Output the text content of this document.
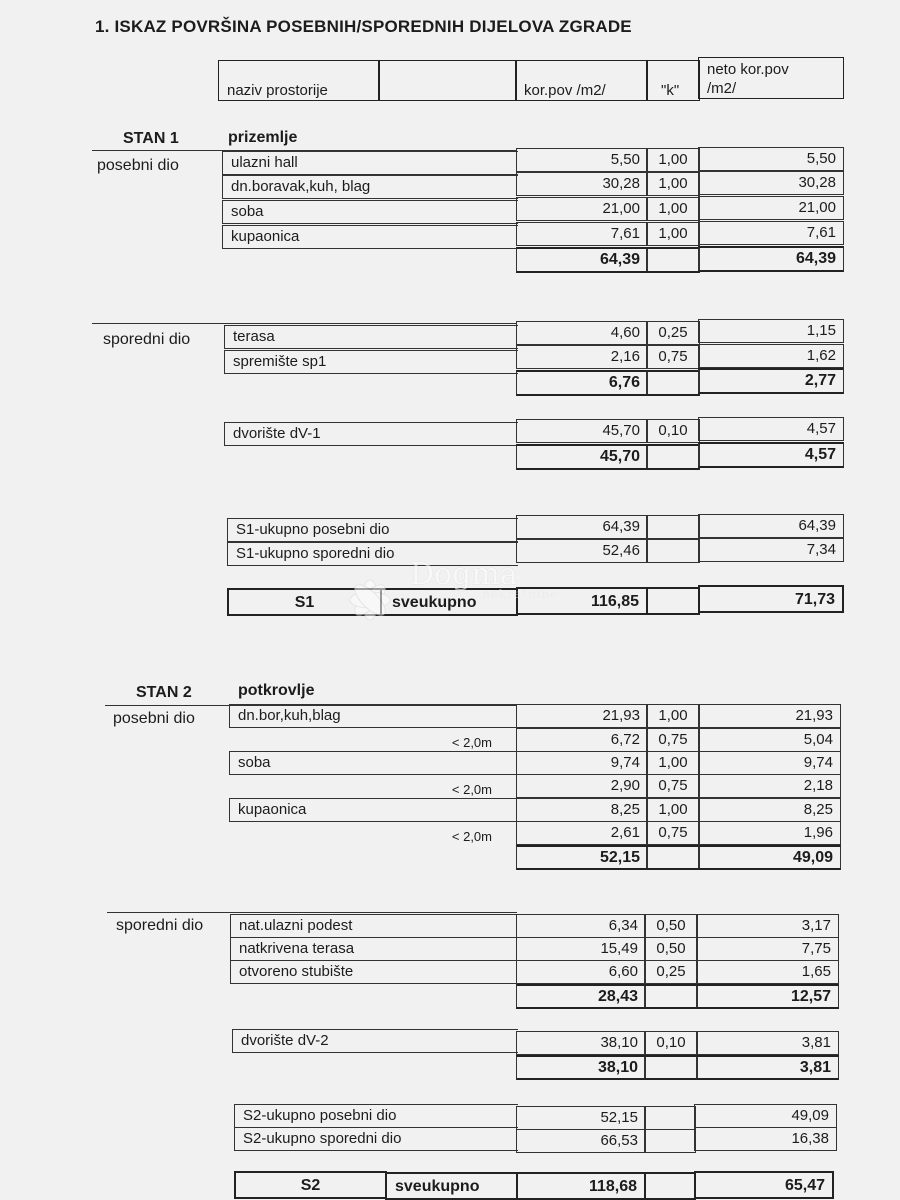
1. ISKAZ POVRŠINA POSEBNIH/SPOREDNIH DIJELOVA ZGRADE
naziv prostorije	kor.pov /m2/	"k"
neto kor.pov
/m2/
STAN 1	prizemlje
posebni dio	ulazni hall	5,50	1,00	5,50
dn.boravak,kuh, blag	30,28	1,00	30,28
soba	21,00	1,00	21,00
kupaonica	7,61	1,00	7,61
64,39	64,39
sporedni dio	terasa	4,60	0,25	1,15
spremište sp1	2,16	0,75	1,62
6,76	2,77
dvorište dV-1	45,70	0,10	4,57
45,70	4,57
S1-ukupno posebni dio	64,39	64,39
S1-ukupno sporedni dio	52,46	7,34
S1	sveukupno	116,85	71,73
Dogma
nekretnine
STAN 2	potkrovlje
posebni dio	dn.bor,kuh,blag	21,93	1,00	21,93
< 2,0m	6,72	0,75	5,04
soba	9,74	1,00	9,74
< 2,0m	2,90	0,75	2,18
kupaonica	8,25	1,00	8,25
< 2,0m	2,61	0,75	1,96
52,15	49,09
sporedni dio	nat.ulazni podest	6,34	0,50	3,17
natkrivena terasa	15,49	0,50	7,75
otvoreno stubište	6,60	0,25	1,65
28,43	12,57
dvorište dV-2	38,10	0,10	3,81
38,10	3,81
S2-ukupno posebni dio	52,15	49,09
S2-ukupno sporedni dio	66,53	16,38
S2	sveukupno	118,68	65,47
